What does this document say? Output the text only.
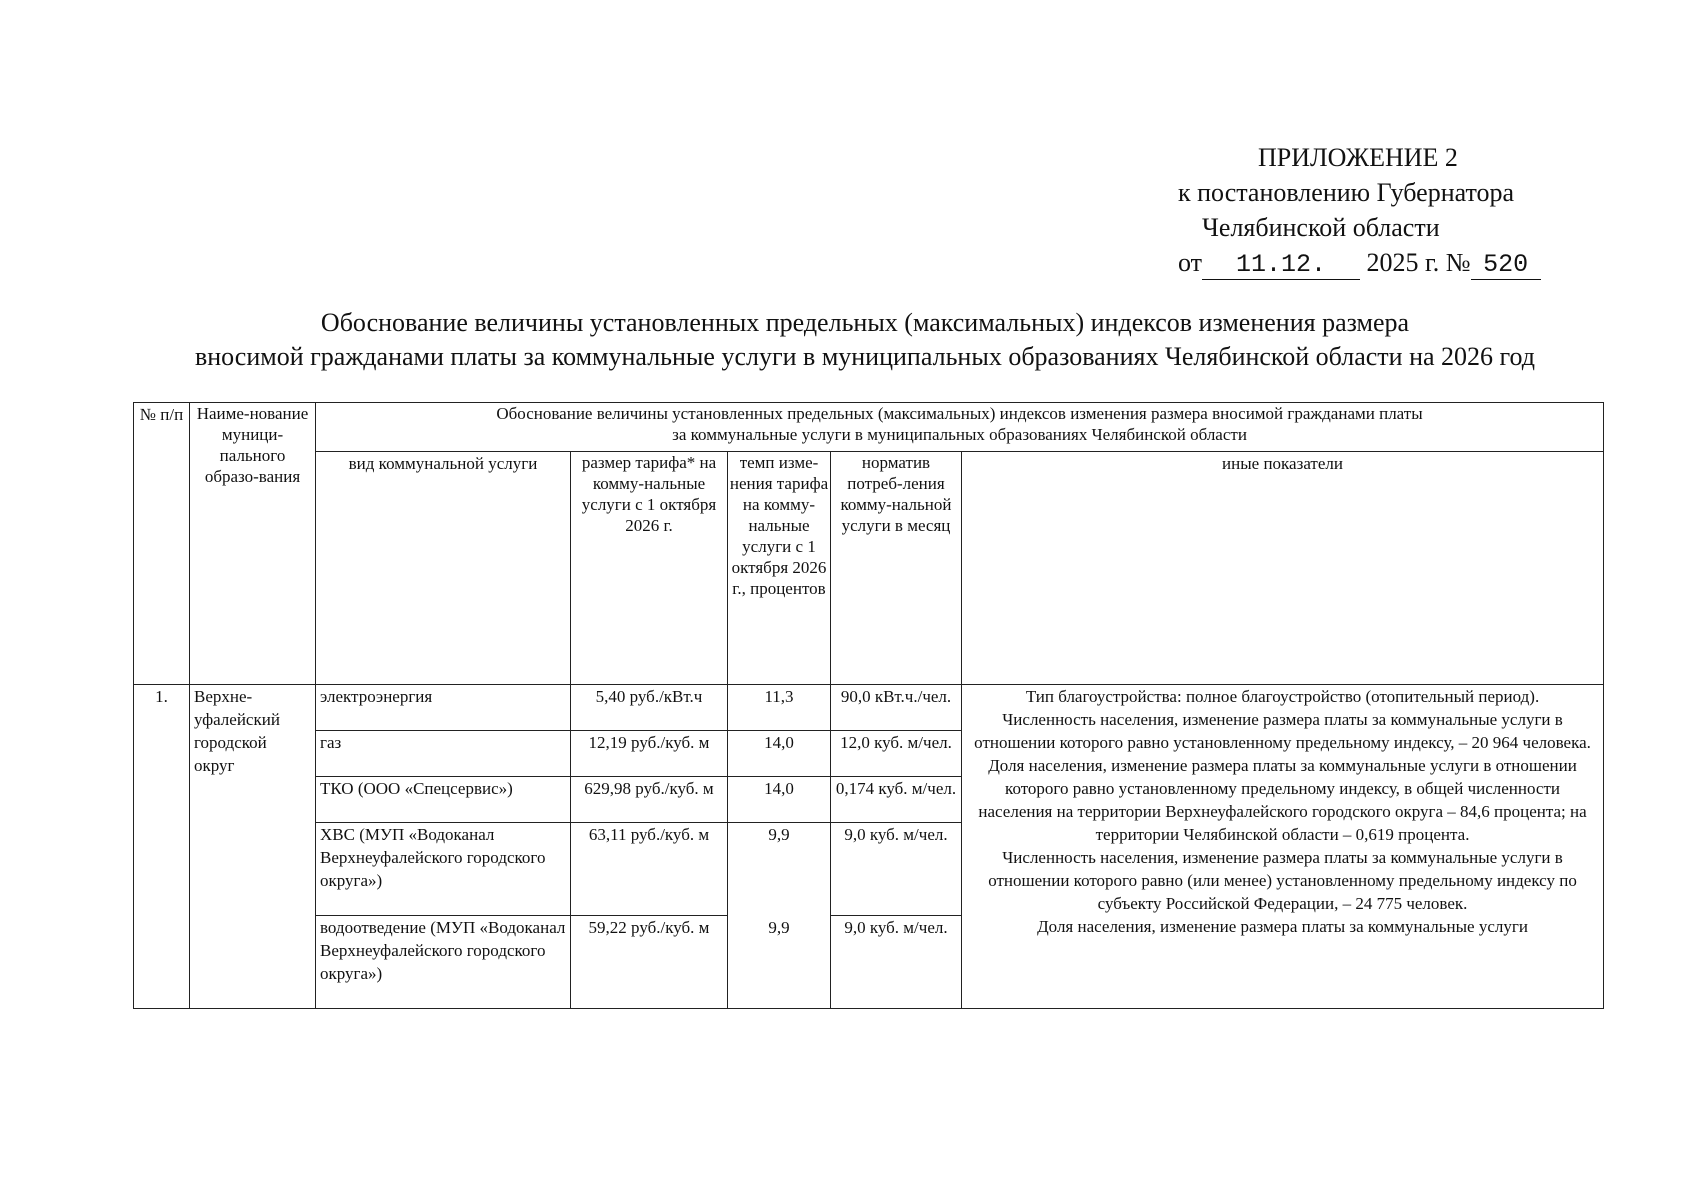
ПРИЛОЖЕНИЕ 2
к постановлению Губернатора
Челябинской области
от 11.12. 2025 г. № 520
Обоснование величины установленных предельных (максимальных) индексов изменения размера
вносимой гражданами платы за коммунальные услуги в муниципальных образованиях Челябинской области на 2026 год
№ п/п	Наиме-нование муници-пального образо-вания	Обоснование величины установленных предельных (максимальных) индексов изменения размера вносимой гражданами платы
за коммунальные услуги в муниципальных образованиях Челябинской области				

		вид коммунальной услуги	размер тарифа* на комму-нальные услуги с 1 октября 2026 г.	темп изме-нения тарифа на комму-нальные услуги с 1 октября 2026 г., процентов	норматив потреб-ления комму-нальной услуги в месяц	иные показатели
1.	Верхне-уфалейский городской округ	электроэнергия	5,40 руб./кВт.ч	11,3	90,0 кВт.ч./чел.	Тип благоустройства: полное благоустройство (отопительный период).
Численность населения, изменение размера платы за коммунальные услуги в отношении которого равно установленному предельному индексу, – 20 964 человека.
Доля населения, изменение размера платы за коммунальные услуги в отношении которого равно установленному предельному индексу, в общей численности населения на территории Верхнеуфалейского городского округа – 84,6 процента; на территории Челябинской области – 0,619 процента.
Численность населения, изменение размера платы за коммунальные услуги в отношении которого равно (или менее) установленному предельному индексу по субъекту Российской Федерации, – 24 775 человек.
Доля населения, изменение размера платы за коммунальные услуги

		газ	12,19 руб./куб. м	14,0	12,0 куб. м/чел.	
		ТКО (ООО «Спецсервис»)	629,98 руб./куб. м	14,0	0,174 куб. м/чел.	
		ХВС (МУП «Водоканал Верхнеуфалейского городского округа»)	63,11 руб./куб. м	9,9	9,0 куб. м/чел.	
		водоотведение (МУП «Водоканал Верхнеуфалейского городского округа»)	59,22 руб./куб. м	9,9	9,0 куб. м/чел.	
